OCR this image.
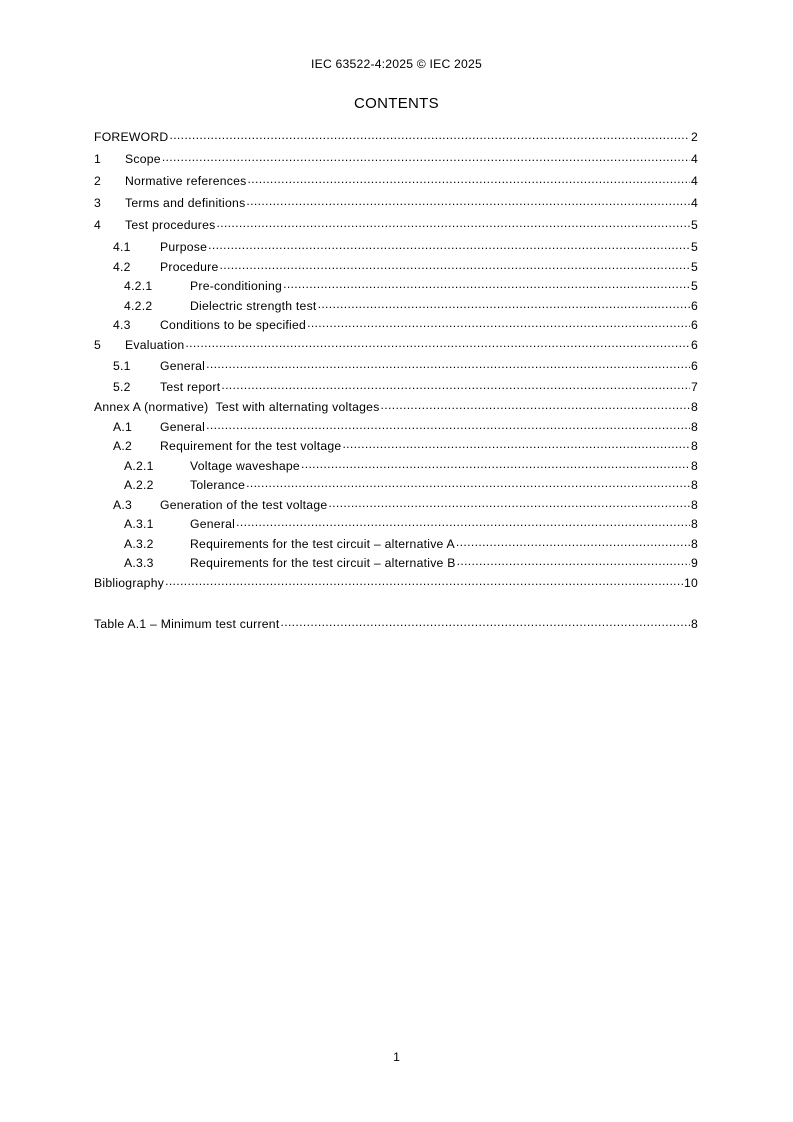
IEC 63522-4:2025 © IEC 2025
CONTENTS
FOREWORD .....	2
1	Scope .....	4
2	Normative references .....	4
3	Terms and definitions .....	4
4	Test procedures .....	5
4.1	Purpose .....	5
4.2	Procedure .....	5
4.2.1	Pre-conditioning .....	5
4.2.2	Dielectric strength test .....	6
4.3	Conditions to be specified .....	6
5	Evaluation .....	6
5.1	General .....	6
5.2	Test report .....	7
Annex A (normative)  Test with alternating voltages .....	8
A.1	General .....	8
A.2	Requirement for the test voltage .....	8
A.2.1	Voltage waveshape .....	8
A.2.2	Tolerance .....	8
A.3	Generation of the test voltage .....	8
A.3.1	General .....	8
A.3.2	Requirements for the test circuit – alternative A .....	8
A.3.3	Requirements for the test circuit – alternative B .....	9
Bibliography .....	10
Table A.1 – Minimum test current .....	8
1
